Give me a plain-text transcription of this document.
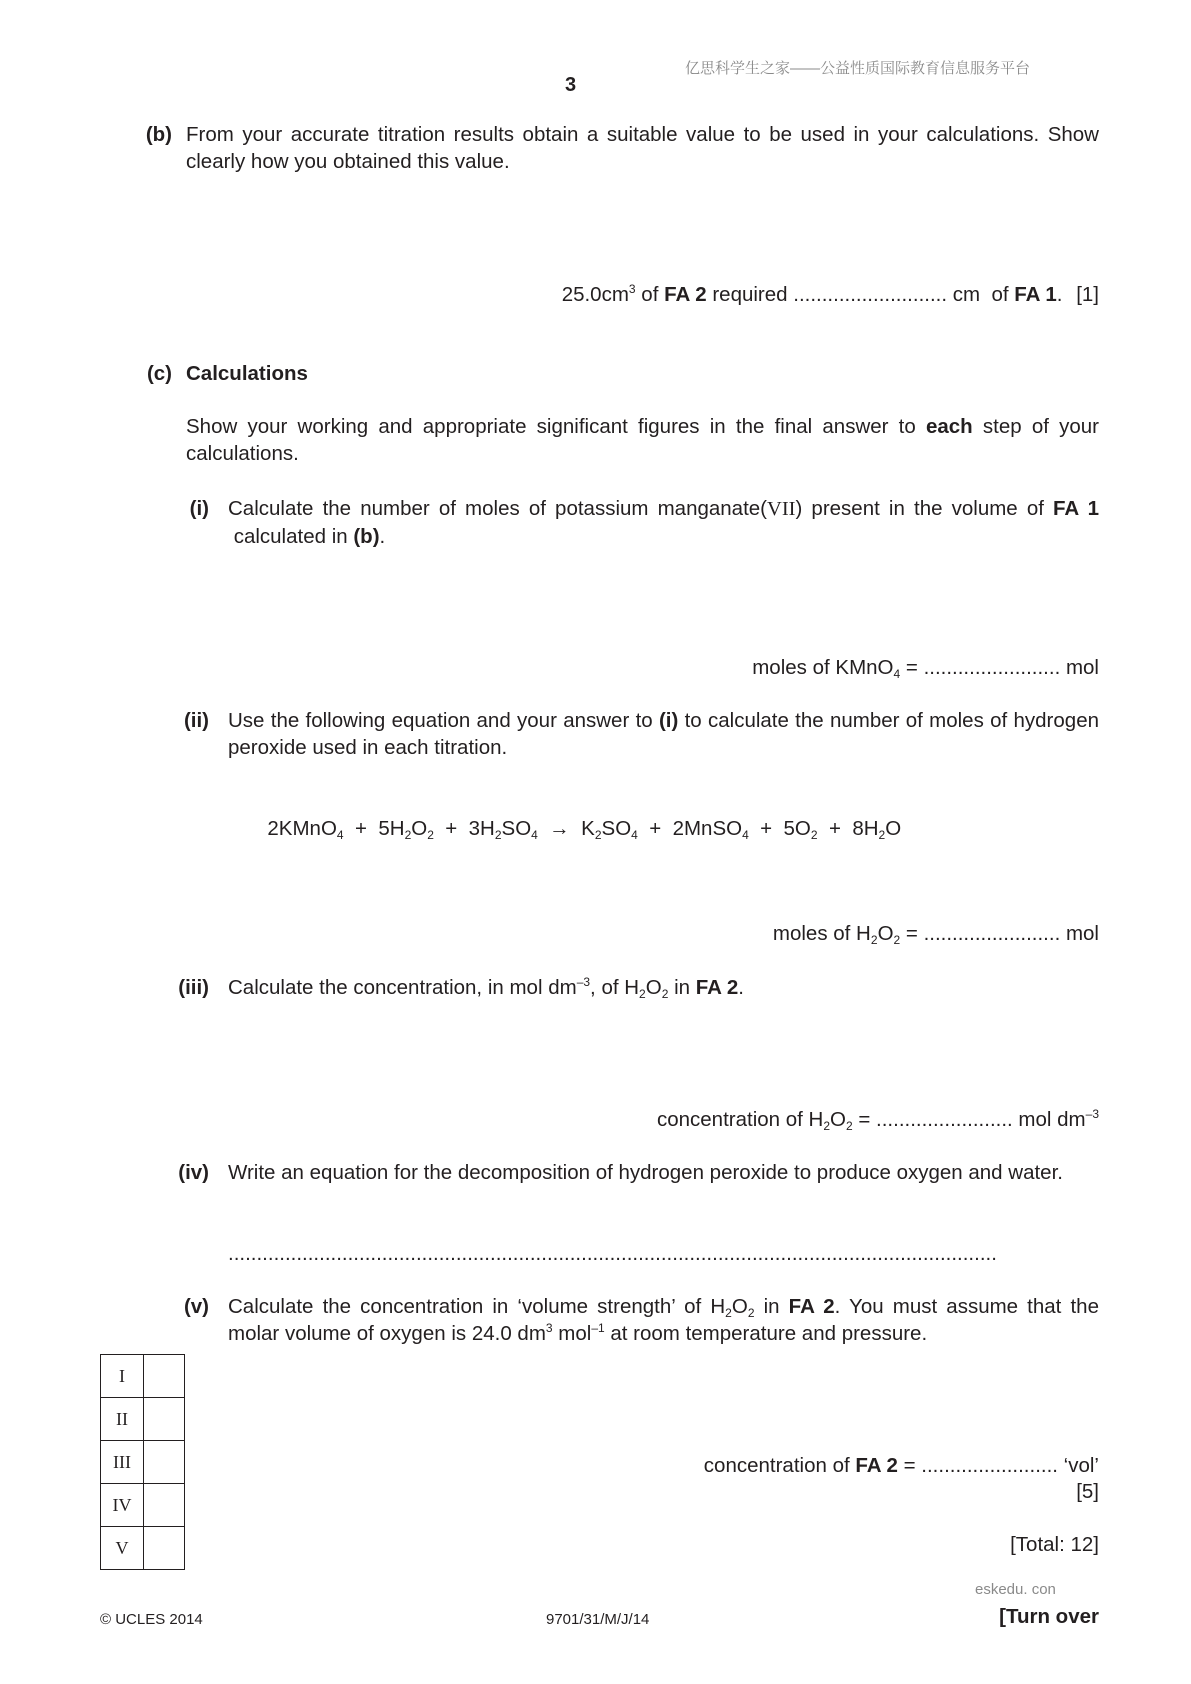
亿思科学生之家——公益性质国际教育信息服务平台
3
(b) From your accurate titration results obtain a suitable value to be used in your calculations. Show clearly how you obtained this value.
$25.0cm^3$ of FA 2 required ........................... cm  of FA 1. [1]
(c) Calculations
Show your working and appropriate significant figures in the final answer to each step of your calculations.
(i) Calculate the number of moles of potassium manganate(VII) present in the volume of FA 1 calculated in (b).
moles of KMnO$_4$ = ........................ mol
(ii) Use the following equation and your answer to (i) to calculate the number of moles of hydrogen peroxide used in each titration.

2KMnO$_4$  +  $5H_2O_2 + 3H_2SO_4 \to K_2SO_4$  +  2MnSO$_4$  +  $5O_2 + 8H_2O$

moles of $H_2O_2$ = ........................ mol
(iii) Calculate the concentration, in mol $dm^{-3}$, of $H_2O_2$ in FA 2.
concentration of $H_2O_2$ = ........................ mol $dm^{-3}$
(iv) Write an equation for the decomposition of hydrogen peroxide to produce oxygen and water.
.......................................................................................................................................
(v) Calculate the concentration in ‘volume strength’ of $H_2O_2$ in FA 2. You must assume that the molar volume of oxygen is 24.0 $dm^3$ mol$^{-1}$ at room temperature and pressure.
concentration of FA 2 = ........................ ‘vol’
[5]
[Total: 12]
I	
II	
III	
IV	
V	
eskedu. con
© UCLES 2014	9701/31/M/J/14	[Turn over
